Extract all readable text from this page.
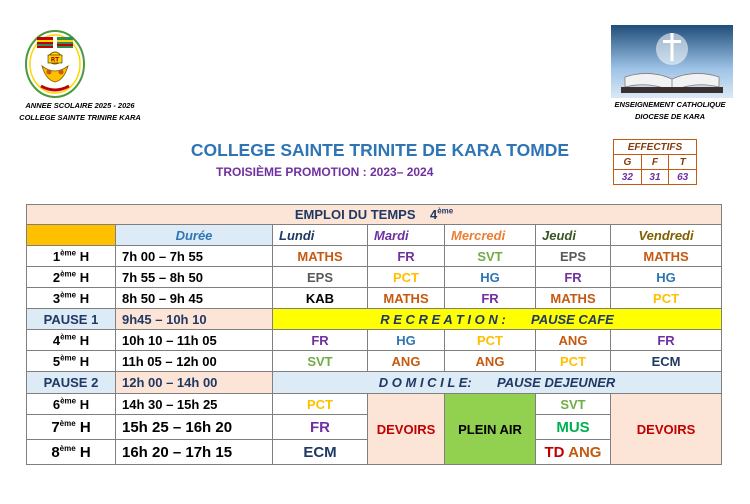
RT
ANNEE SCOLAIRE 2025 - 2026
COLLEGE SAINTE TRINIRE KARA
ENSEIGNEMENT CATHOLIQUE
DIOCESE DE KARA
COLLEGE SAINTE TRINITE DE KARA TOMDE
TROISIÈME PROMOTION : 2023– 2024
EFFECTIFS		
G	F	T
32	31	63
EMPLOI DU TEMPS 4ème
	Durée	Lundi	Mardi	Mercredi	Jeudi	Vendredi
1ème H	7h 00 – 7h 55	MATHS	FR	SVT	EPS	MATHS
2ème H	7h 55 – 8h 50	EPS	PCT	HG	FR	HG
3ème H	8h 50 – 9h 45	KAB	MATHS	FR	MATHS	PCT
PAUSE 1	9h45 – 10h 10	R E C R E A T I O N : PAUSE CAFE				
4ème H	10h 10 – 11h 05	FR	HG	PCT	ANG	FR
5ème H	11h 05 – 12h 00	SVT	ANG	ANG	PCT	ECM
PAUSE 2	12h 00 – 14h 00	D O M I C I L E: PAUSE DEJEUNER				
6ème H	14h 30 – 15h 25	PCT	DEVOIRS	PLEIN AIR	SVT	DEVOIRS
7ème H	15h 25 – 16h 20	FR			MUS	
8ème H	16h 20 – 17h 15	ECM			TD ANG	
